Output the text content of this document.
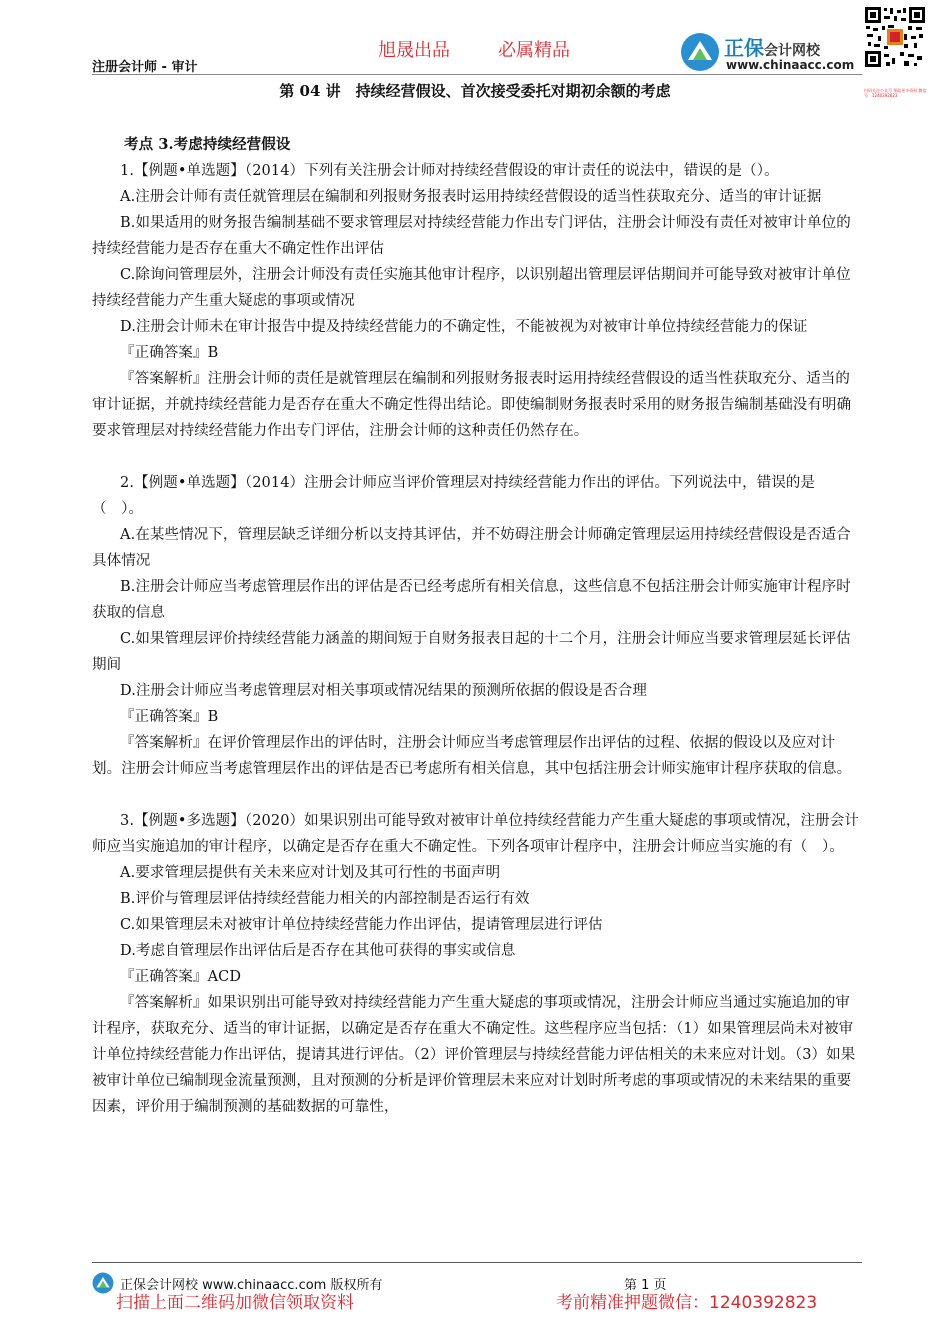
旭晟出品	必属精品
注册会计师 - 审计
正保会计网校
www.chinaacc.com
扫码关注公众号 领取更多资料 微信号：1240392823
第 04 讲　持续经营假设、首次接受委托对期初余额的考虑

考点 3.考虑持续经营假设

1.【例题•单选题】（2014）下列有关注册会计师对持续经营假设的审计责任的说法中，错误的是（）。

A.注册会计师有责任就管理层在编制和列报财务报表时运用持续经营假设的适当性获取充分、适当的审计证据

B.如果适用的财务报告编制基础不要求管理层对持续经营能力作出专门评估，注册会计师没有责任对被审计单位的持续经营能力是否存在重大不确定性作出评估

C.除询问管理层外，注册会计师没有责任实施其他审计程序，以识别超出管理层评估期间并可能导致对被审计单位持续经营能力产生重大疑虑的事项或情况

D.注册会计师未在审计报告中提及持续经营能力的不确定性，不能被视为对被审计单位持续经营能力的保证

『正确答案』B

『答案解析』注册会计师的责任是就管理层在编制和列报财务报表时运用持续经营假设的适当性获取充分、适当的审计证据，并就持续经营能力是否存在重大不确定性得出结论。即使编制财务报表时采用的财务报告编制基础没有明确要求管理层对持续经营能力作出专门评估，注册会计师的这种责任仍然存在。

2.【例题•单选题】（2014）注册会计师应当评价管理层对持续经营能力作出的评估。下列说法中，错误的是（　）。

A.在某些情况下，管理层缺乏详细分析以支持其评估，并不妨碍注册会计师确定管理层运用持续经营假设是否适合具体情况

B.注册会计师应当考虑管理层作出的评估是否已经考虑所有相关信息，这些信息不包括注册会计师实施审计程序时获取的信息

C.如果管理层评价持续经营能力涵盖的期间短于自财务报表日起的十二个月，注册会计师应当要求管理层延长评估期间

D.注册会计师应当考虑管理层对相关事项或情况结果的预测所依据的假设是否合理

『正确答案』B

『答案解析』在评价管理层作出的评估时，注册会计师应当考虑管理层作出评估的过程、依据的假设以及应对计划。注册会计师应当考虑管理层作出的评估是否已考虑所有相关信息，其中包括注册会计师实施审计程序获取的信息。

3.【例题•多选题】（2020）如果识别出可能导致对被审计单位持续经营能力产生重大疑虑的事项或情况，注册会计师应当实施追加的审计程序，以确定是否存在重大不确定性。下列各项审计程序中，注册会计师应当实施的有（　）。

A.要求管理层提供有关未来应对计划及其可行性的书面声明

B.评价与管理层评估持续经营能力相关的内部控制是否运行有效

C.如果管理层未对被审计单位持续经营能力作出评估，提请管理层进行评估

D.考虑自管理层作出评估后是否存在其他可获得的事实或信息

『正确答案』ACD

『答案解析』如果识别出可能导致对持续经营能力产生重大疑虑的事项或情况，注册会计师应当通过实施追加的审计程序，获取充分、适当的审计证据，以确定是否存在重大不确定性。这些程序应当包括：（1）如果管理层尚未对被审计单位持续经营能力作出评估，提请其进行评估。（2）评价管理层与持续经营能力评估相关的未来应对计划。（3）如果被审计单位已编制现金流量预测，且对预测的分析是评价管理层未来应对计划时所考虑的事项或情况的未来结果的重要因素，评价用于编制预测的基础数据的可靠性，

正保会计网校 www.chinaacc.com 版权所有	第 1 页
扫描上面二维码加微信领取资料	考前精准押题微信：1240392823
